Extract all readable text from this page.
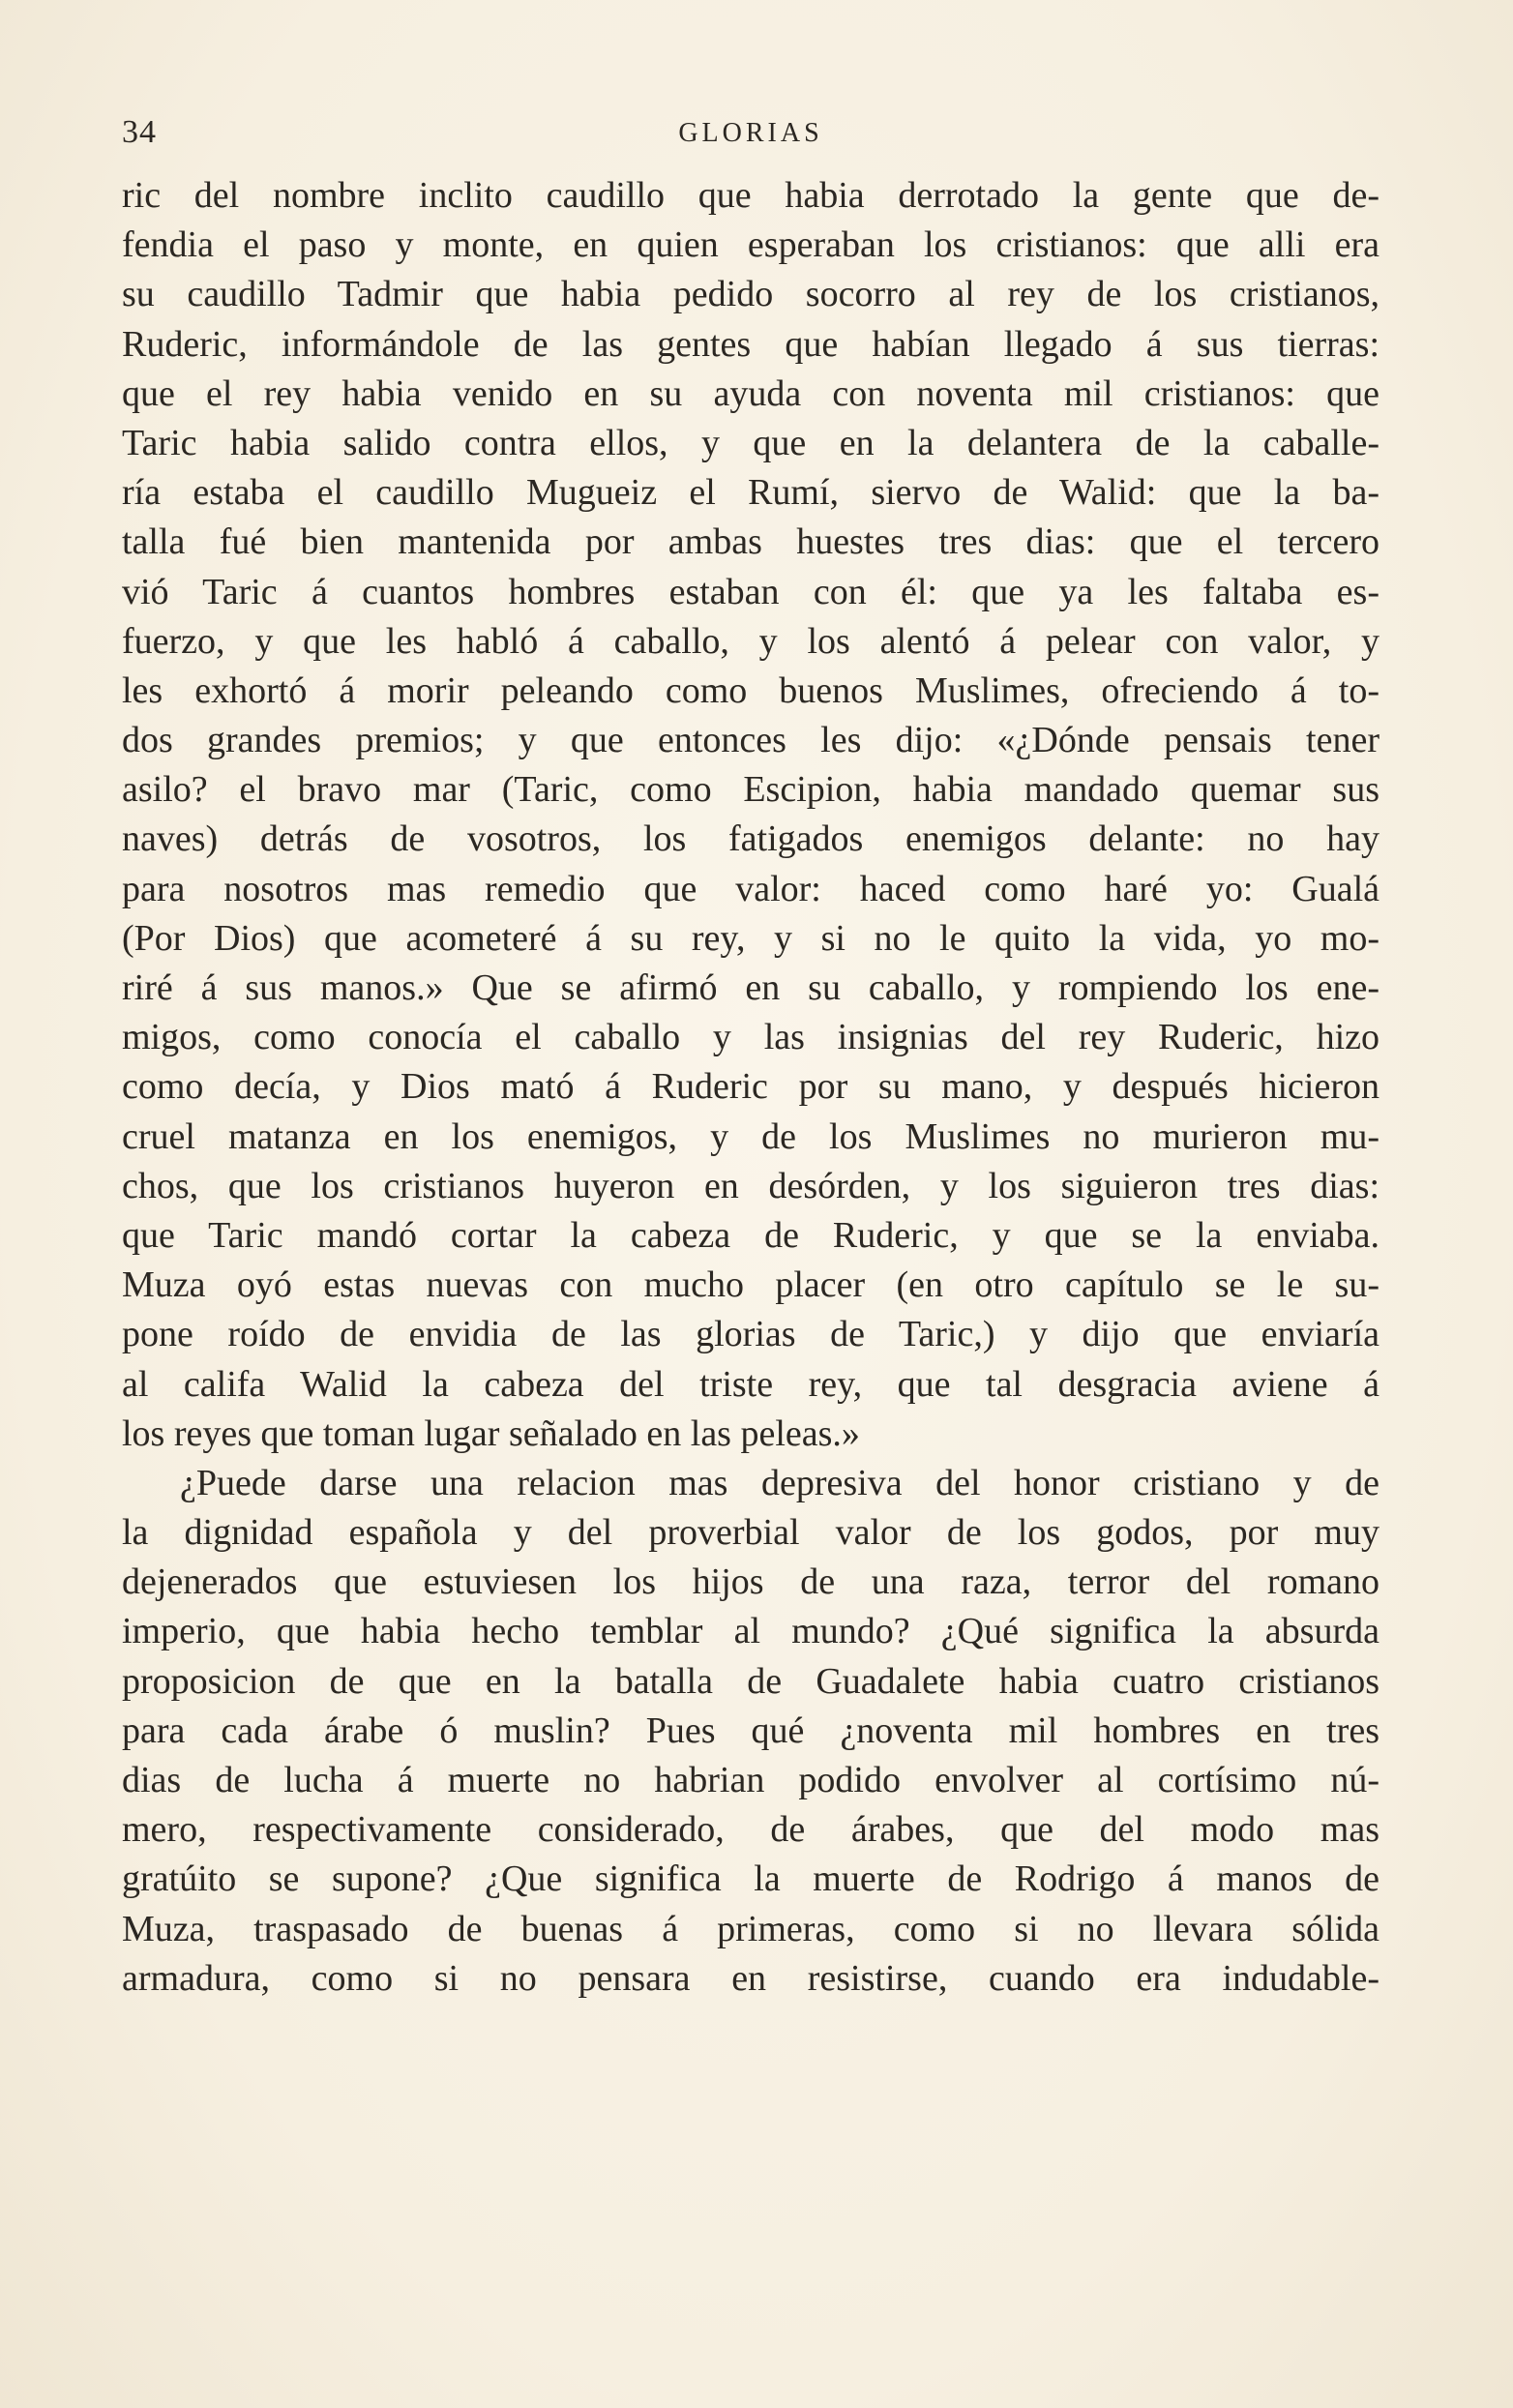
34	GLORIAS
ric del nombre inclito caudillo que habia derrotado la gente que de-
fendia el paso y monte, en quien esperaban los cristianos: que alli era
su caudillo Tadmir que habia pedido socorro al rey de los cristianos,
Ruderic, informándole de las gentes que habían llegado á sus tierras:
que el rey habia venido en su ayuda con noventa mil cristianos: que
Taric habia salido contra ellos, y que en la delantera de la caballe-
ría estaba el caudillo Mugueiz el Rumí, siervo de Walid: que la ba-
talla fué bien mantenida por ambas huestes tres dias: que el tercero
vió Taric á cuantos hombres estaban con él: que ya les faltaba es-
fuerzo, y que les habló á caballo, y los alentó á pelear con valor, y
les exhortó á morir peleando como buenos Muslimes, ofreciendo á to-
dos grandes premios; y que entonces les dijo: «¿Dónde pensais tener
asilo? el bravo mar (Taric, como Escipion, habia mandado quemar sus
naves) detrás de vosotros, los fatigados enemigos delante: no hay
para nosotros mas remedio que valor: haced como haré yo: Gualá
(Por Dios) que acometeré á su rey, y si no le quito la vida, yo mo-
riré á sus manos.» Que se afirmó en su caballo, y rompiendo los ene-
migos, como conocía el caballo y las insignias del rey Ruderic, hizo
como decía, y Dios mató á Ruderic por su mano, y después hicieron
cruel matanza en los enemigos, y de los Muslimes no murieron mu-
chos, que los cristianos huyeron en desórden, y los siguieron tres dias:
que Taric mandó cortar la cabeza de Ruderic, y que se la enviaba.
Muza oyó estas nuevas con mucho placer (en otro capítulo se le su-
pone roído de envidia de las glorias de Taric,) y dijo que enviaría
al califa Walid la cabeza del triste rey, que tal desgracia aviene á
los reyes que toman lugar señalado en las peleas.»
¿Puede darse una relacion mas depresiva del honor cristiano y de
la dignidad española y del proverbial valor de los godos, por muy
dejenerados que estuviesen los hijos de una raza, terror del romano
imperio, que habia hecho temblar al mundo? ¿Qué significa la absurda
proposicion de que en la batalla de Guadalete habia cuatro cristianos
para cada árabe ó muslin? Pues qué ¿noventa mil hombres en tres
dias de lucha á muerte no habrian podido envolver al cortísimo nú-
mero, respectivamente considerado, de árabes, que del modo mas
gratúito se supone? ¿Que significa la muerte de Rodrigo á manos de
Muza, traspasado de buenas á primeras, como si no llevara sólida
armadura, como si no pensara en resistirse, cuando era indudable-
